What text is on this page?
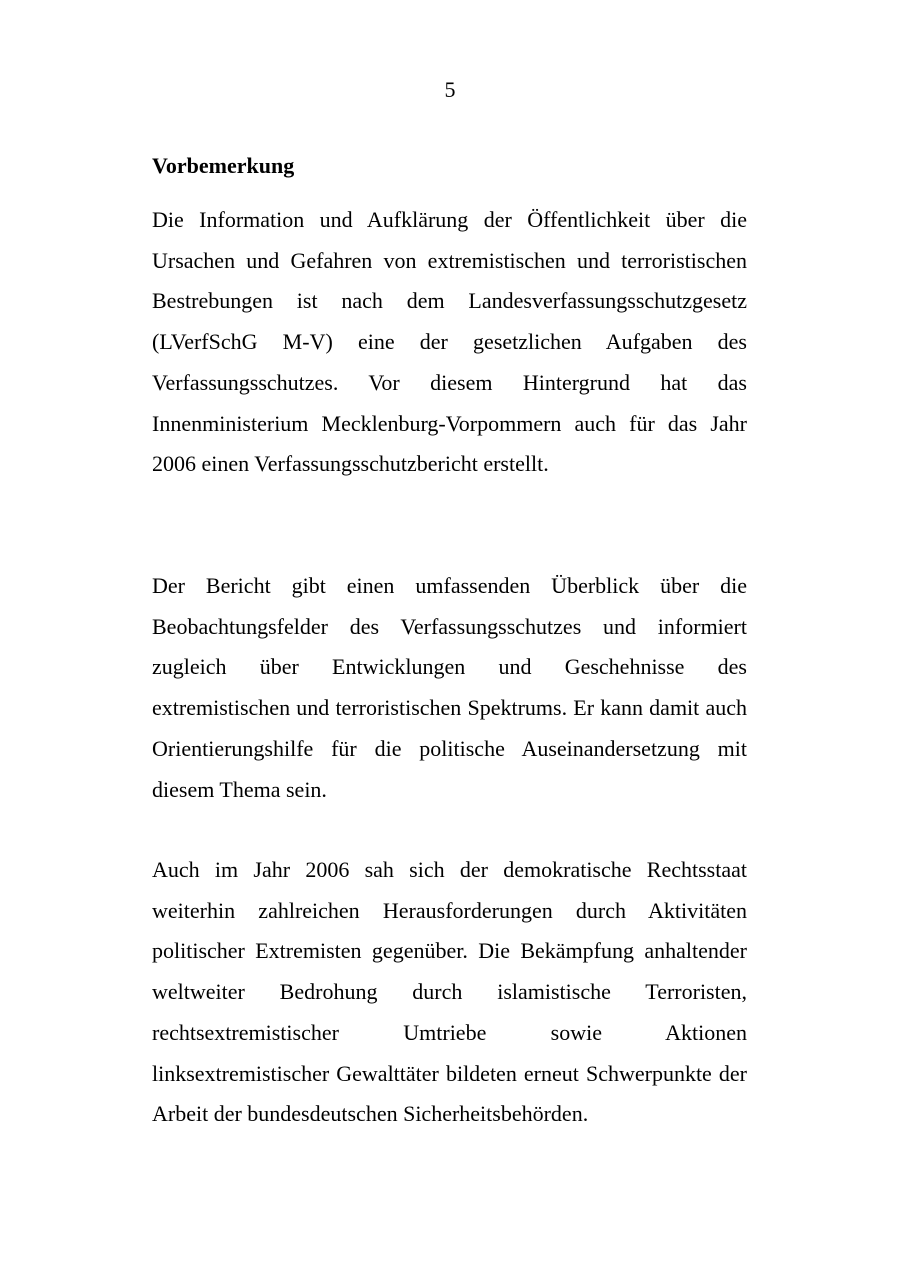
5
Vorbemerkung

Die Information und Aufklärung der Öffentlichkeit über die Ursachen und Gefahren von extremistischen und terroristischen Bestrebungen ist nach dem Landesverfassungsschutzgesetz (LVerfSchG M-V) eine der gesetzlichen Aufgaben des Verfassungsschutzes. Vor diesem Hintergrund hat das Innenministerium Mecklenburg-Vorpommern auch für das Jahr 2006 einen Verfassungsschutzbericht erstellt.

Der Bericht gibt einen umfassenden Überblick über die Beobachtungsfelder des Verfassungsschutzes und informiert zugleich über Entwicklungen und Geschehnisse des extremistischen und terroristischen Spektrums. Er kann damit auch Orientierungshilfe für die politische Auseinandersetzung mit diesem Thema sein.

Auch im Jahr 2006 sah sich der demokratische Rechtsstaat weiterhin zahlreichen Herausforderungen durch Aktivitäten politischer Extremisten gegenüber. Die Bekämpfung anhaltender weltweiter Bedrohung durch islamistische Terroristen, rechtsextremistischer Umtriebe sowie Aktionen linksextremistischer Gewalttäter bildeten erneut Schwerpunkte der Arbeit der bundesdeutschen Sicherheitsbehörden.
